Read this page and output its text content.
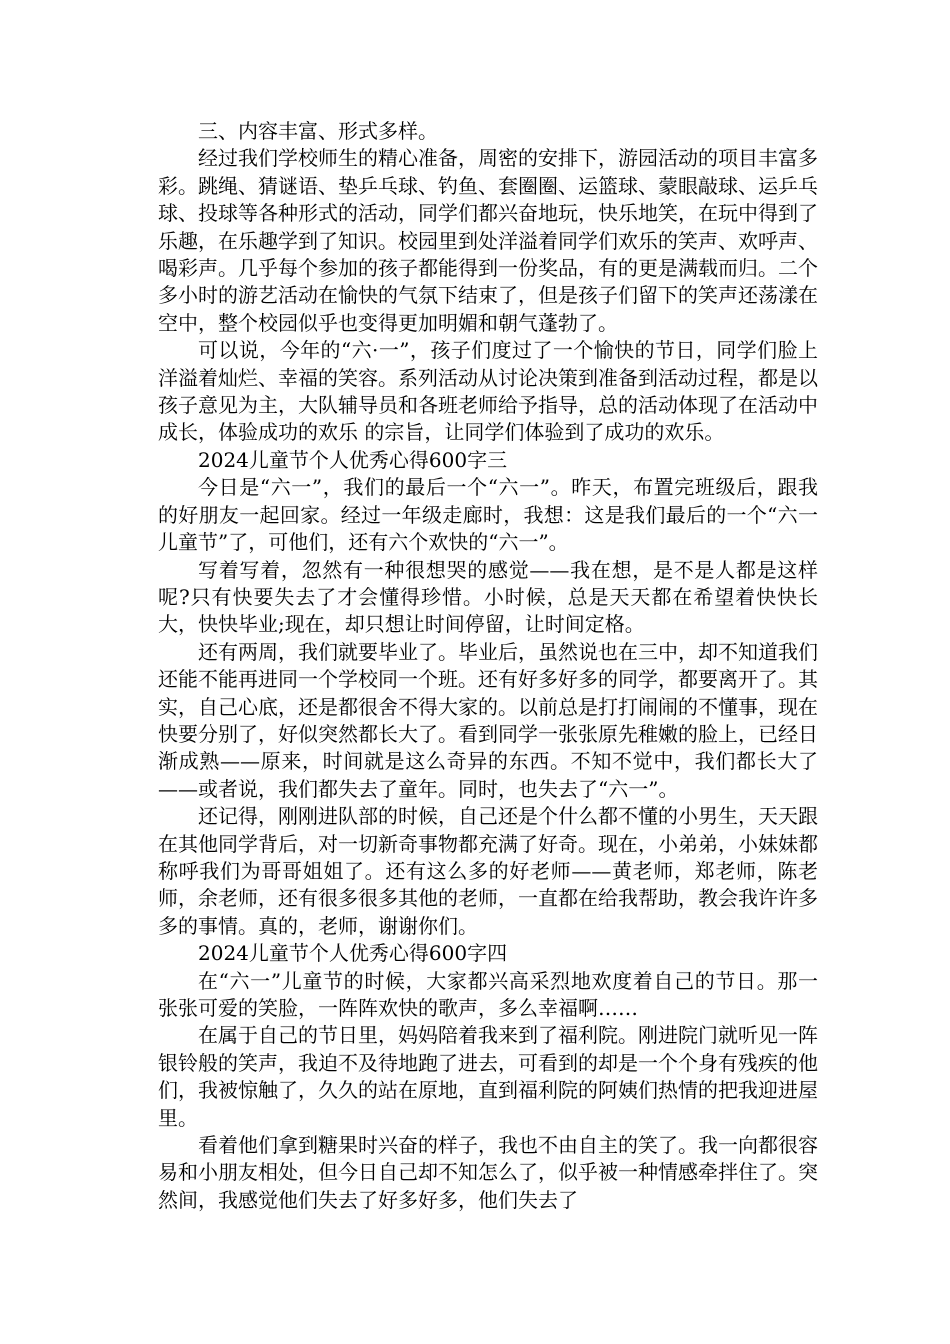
三、内容丰富、形式多样。

经过我们学校师生的精心准备，周密的安排下，游园活动的项目丰富多彩。跳绳、猜谜语、垫乒乓球、钓鱼、套圈圈、运篮球、蒙眼敲球、运乒乓球、投球等各种形式的活动，同学们都兴奋地玩，快乐地笑，在玩中得到了乐趣，在乐趣学到了知识。校园里到处洋溢着同学们欢乐的笑声、欢呼声、喝彩声。几乎每个参加的孩子都能得到一份奖品，有的更是满载而归。二个多小时的游艺活动在愉快的气氛下结束了，但是孩子们留下的笑声还荡漾在空中，整个校园似乎也变得更加明媚和朝气蓬勃了。

可以说，今年的“六·一”，孩子们度过了一个愉快的节日，同学们脸上洋溢着灿烂、幸福的笑容。系列活动从讨论决策到准备到活动过程，都是以孩子意见为主，大队辅导员和各班老师给予指导，总的活动体现了在活动中成长，体验成功的欢乐 的宗旨，让同学们体验到了成功的欢乐。

2024儿童节个人优秀心得600字三

今日是“六一”，我们的最后一个“六一”。昨天，布置完班级后，跟我的好朋友一起回家。经过一年级走廊时，我想：这是我们最后的一个“六一儿童节”了，可他们，还有六个欢快的“六一”。

写着写着，忽然有一种很想哭的感觉——我在想，是不是人都是这样呢?只有快要失去了才会懂得珍惜。小时候，总是天天都在希望着快快长大，快快毕业;现在，却只想让时间停留，让时间定格。

还有两周，我们就要毕业了。毕业后，虽然说也在三中，却不知道我们还能不能再进同一个学校同一个班。还有好多好多的同学，都要离开了。其实，自己心底，还是都很舍不得大家的。以前总是打打闹闹的不懂事，现在快要分别了，好似突然都长大了。看到同学一张张原先稚嫩的脸上，已经日渐成熟——原来，时间就是这么奇异的东西。不知不觉中，我们都长大了——或者说，我们都失去了童年。同时，也失去了“六一”。

还记得，刚刚进队部的时候，自己还是个什么都不懂的小男生，天天跟在其他同学背后，对一切新奇事物都充满了好奇。现在，小弟弟，小妹妹都称呼我们为哥哥姐姐了。还有这么多的好老师——黄老师，郑老师，陈老师，余老师，还有很多很多其他的老师，一直都在给我帮助，教会我许许多多的事情。真的，老师，谢谢你们。

2024儿童节个人优秀心得600字四

在“六一”儿童节的时候，大家都兴高采烈地欢度着自己的节日。那一张张可爱的笑脸，一阵阵欢快的歌声，多么幸福啊……

在属于自己的节日里，妈妈陪着我来到了福利院。刚进院门就听见一阵银铃般的笑声，我迫不及待地跑了进去，可看到的却是一个个身有残疾的他们，我被惊触了，久久的站在原地，直到福利院的阿姨们热情的把我迎进屋里。

看着他们拿到糖果时兴奋的样子，我也不由自主的笑了。我一向都很容易和小朋友相处，但今日自己却不知怎么了，似乎被一种情感牵拌住了。突然间，我感觉他们失去了好多好多，他们失去了
